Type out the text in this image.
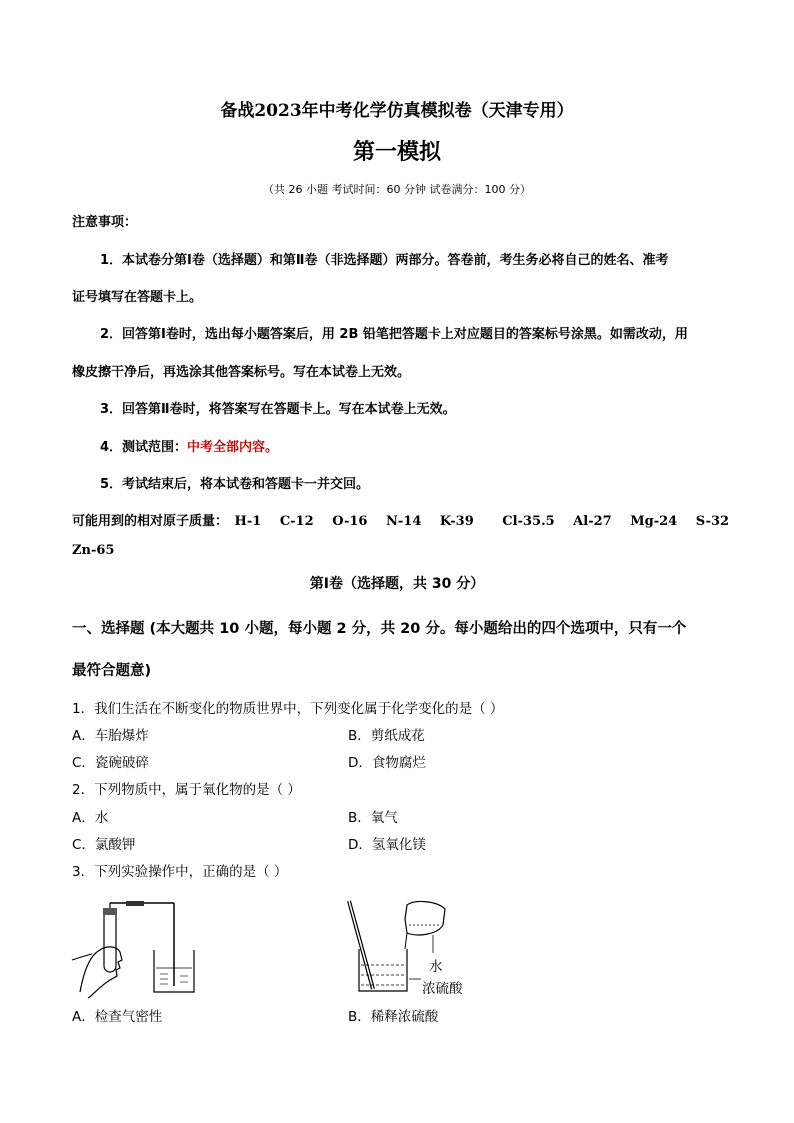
备战2023年中考化学仿真模拟卷（天津专用）
第一模拟
（共 26 小题 考试时间：60 分钟 试卷满分：100 分）
注意事项：
1．本试卷分第Ⅰ卷（选择题）和第Ⅱ卷（非选择题）两部分。答卷前，考生务必将自己的姓名、准考
证号填写在答题卡上。
2．回答第Ⅰ卷时，选出每小题答案后，用 2B 铅笔把答题卡上对应题目的答案标号涂黑。如需改动，用
橡皮擦干净后，再选涂其他答案标号。写在本试卷上无效。
3．回答第Ⅱ卷时，将答案写在答题卡上。写在本试卷上无效。
4．测试范围：中考全部内容。
5．考试结束后，将本试卷和答题卡一并交回。
可能用到的相对原子质量： H-1 C-12 O-16 N-14 K-39 Cl-35.5 Al-27 Mg-24 S-32
Zn-65
第Ⅰ卷（选择题，共 30 分）
一、选择题 (本大题共 10 小题，每小题 2 分，共 20 分。每小题给出的四个选项中，只有一个
最符合题意)
1．我们生活在不断变化的物质世界中，下列变化属于化学变化的是（ ）
A．车胎爆炸	B．剪纸成花
C．瓷碗破碎	D．食物腐烂
2．下列物质中，属于氧化物的是（ ）
A．水	B．氧气
C．氯酸钾	D．氢氧化镁
3．下列实验操作中，正确的是（ ）
水
浓硫酸
A．检查气密性	B．稀释浓硫酸
